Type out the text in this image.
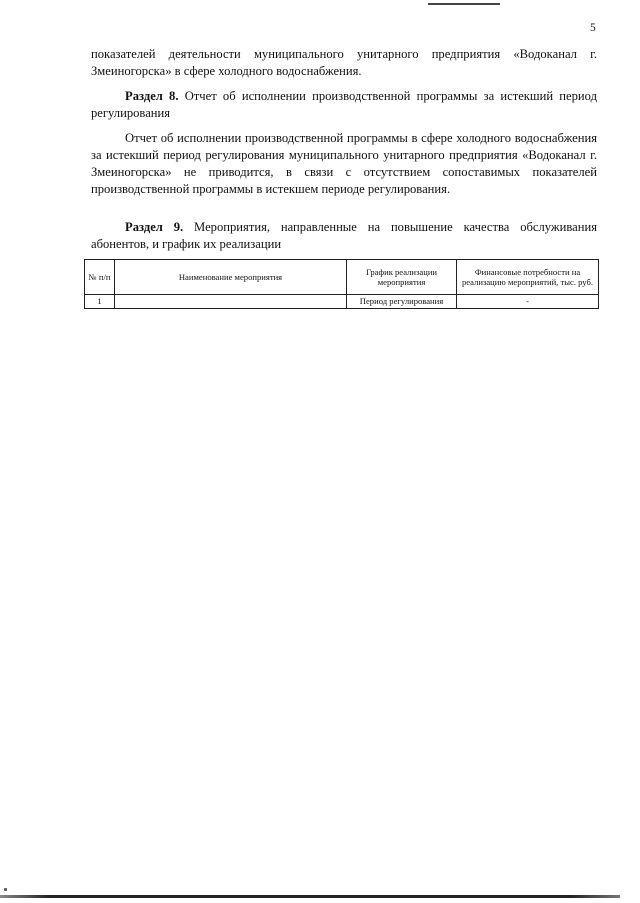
5

показателей деятельности муниципального унитарного предприятия «Водоканал г. Змеиногорска» в сфере холодного водоснабжения.

Раздел 8. Отчет об исполнении производственной программы за истекший период регулирования

Отчет об исполнении производственной программы в сфере холодного водоснабжения за истекший период регулирования муниципального унитарного предприятия «Водоканал г. Змеиногорска» не приводится, в связи с отсутствием сопоставимых показателей производственной программы в истекшем периоде регулирования.

Раздел 9. Мероприятия, направленные на повышение качества обслуживания абонентов, и график их реализации

№ п/п	Наименование мероприятия	График реализации мероприятия	Финансовые потребности на реализацию мероприятий, тыс. руб.
1		Период регулирования	-
